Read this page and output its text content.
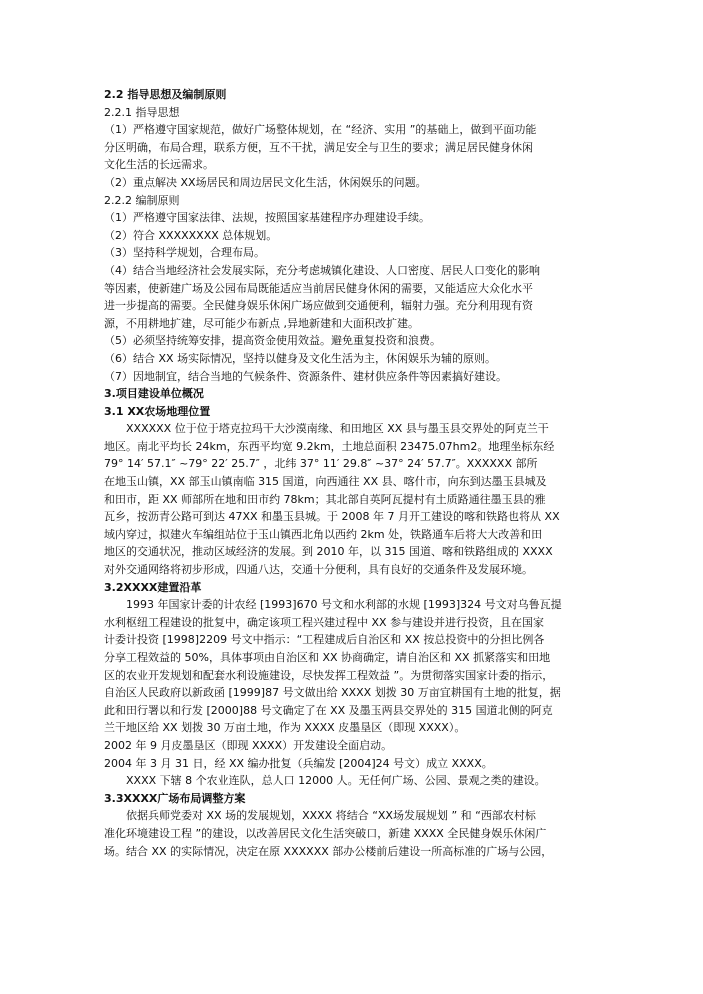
2.2 指导思想及编制原则
2.2.1 指导思想
（1）严格遵守国家规范，做好广场整体规划，在 “经济、实用 ”的基础上，做到平面功能
分区明确，布局合理，联系方便，互不干扰，满足安全与卫生的要求；满足居民健身休闲
文化生活的长远需求。
（2）重点解决 XX场居民和周边居民文化生活，休闲娱乐的问题。
2.2.2 编制原则
（1）严格遵守国家法律、法规，按照国家基建程序办理建设手续。
（2）符合 XXXXXXXX 总体规划。
（3）坚持科学规划，合理布局。
（4）结合当地经济社会发展实际，充分考虑城镇化建设、人口密度、居民人口变化的影响
等因素，使新建广场及公园布局既能适应当前居民健身休闲的需要，又能适应大众化水平
进一步提高的需要。全民健身娱乐休闲广场应做到交通便利，辐射力强。充分利用现有资
源，不用耕地扩建，尽可能少布新点 ,异地新建和大面积改扩建。
（5）必须坚持统筹安排，提高资金使用效益。避免重复投资和浪费。
（6）结合 XX 场实际情况，坚持以健身及文化生活为主，休闲娱乐为辅的原则。
（7）因地制宜，结合当地的气候条件、资源条件、建材供应条件等因素搞好建设。
3.项目建设单位概况
3.1 XX农场地理位置
XXXXXX 位于位于塔克拉玛干大沙漠南缘、和田地区 XX 县与墨玉县交界处的阿克兰干
地区。南北平均长 24km，东西平均宽 9.2km，土地总面积 23475.07hm2。地理坐标东经
79° 14′ 57.1″ ~79° 22′ 25.7″ ，北纬 37° 11′ 29.8″ ~37° 24′ 57.7″。XXXXXX 部所
在地玉山镇，XX 部玉山镇南临 315 国道，向西通往 XX 县、喀什市，向东到达墨玉县城及
和田市，距 XX 师部所在地和田市约 78km；其北部自英阿瓦提村有土质路通往墨玉县的雅
瓦乡，按沥青公路可到达 47XX 和墨玉县城。于 2008 年 7 月开工建设的喀和铁路也将从 XX
域内穿过，拟建火车编组站位于玉山镇西北角以西约 2km 处，铁路通车后将大大改善和田
地区的交通状况，推动区域经济的发展。到 2010 年，以 315 国道、喀和铁路组成的 XXXX
对外交通网络将初步形成，四通八达，交通十分便利，具有良好的交通条件及发展环境。
3.2XXXX建置沿革
1993 年国家计委的计农经 [1993]670 号文和水利部的水规 [1993]324 号文对乌鲁瓦提
水利枢纽工程建设的批复中，确定该项工程兴建过程中 XX 参与建设并进行投资，且在国家
计委计投资 [1998]2209 号文中指示：“工程建成后自治区和 XX 按总投资中的分担比例各
分享工程效益的 50%，具体事项由自治区和 XX 协商确定，请自治区和 XX 抓紧落实和田地
区的农业开发规划和配套水利设施建设，尽快发挥工程效益 ”。为贯彻落实国家计委的指示，
自治区人民政府以新政函 [1999]87 号文做出给 XXXX 划拨 30 万亩宜耕国有土地的批复，据
此和田行署以和行发 [2000]88 号文确定了在 XX 及墨玉两县交界处的 315 国道北侧的阿克
兰干地区给 XX 划拨 30 万亩土地，作为 XXXX 皮墨垦区（即现 XXXX）。
2002 年 9 月皮墨垦区（即现 XXXX）开发建设全面启动。
2004 年 3 月 31 日，经 XX 编办批复（兵编发 [2004]24 号文）成立 XXXX。
XXXX 下辖 8 个农业连队，总人口 12000 人。无任何广场、公园、景观之类的建设。
3.3XXXX广场布局调整方案
依据兵师党委对 XX 场的发展规划，XXXX 将结合 “XX场发展规划 ” 和 “西部农村标
准化环境建设工程 ”的建设，以改善居民文化生活突破口，新建 XXXX 全民健身娱乐休闲广
场。结合 XX 的实际情况，决定在原 XXXXXX 部办公楼前后建设一所高标准的广场与公园，
